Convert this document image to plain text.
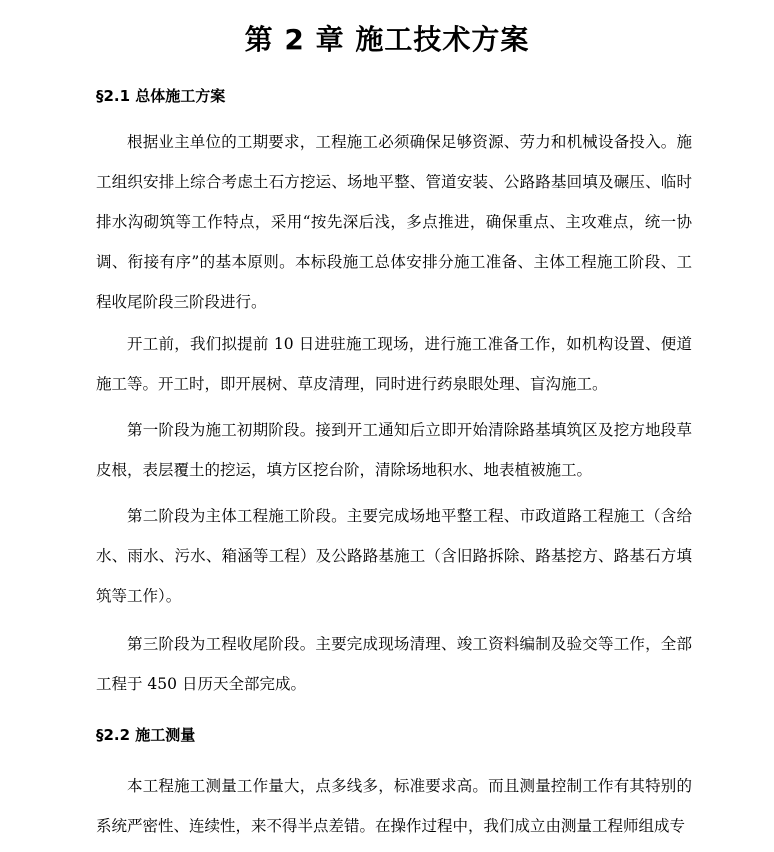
第 2 章 施工技术方案
§2.1 总体施工方案

根据业主单位的工期要求，工程施工必须确保足够资源、劳力和机械设备投入。施工组织安排上综合考虑土石方挖运、场地平整、管道安装、公路路基回填及碾压、临时排水沟砌筑等工作特点，采用“按先深后浅，多点推进，确保重点、主攻难点，统一协调、衔接有序”的基本原则。本标段施工总体安排分施工准备、主体工程施工阶段、工程收尾阶段三阶段进行。

开工前，我们拟提前 10 日进驻施工现场，进行施工准备工作，如机构设置、便道施工等。开工时，即开展树、草皮清理，同时进行药泉眼处理、盲沟施工。

第一阶段为施工初期阶段。接到开工通知后立即开始清除路基填筑区及挖方地段草皮根，表层覆土的挖运，填方区挖台阶，清除场地积水、地表植被施工。

第二阶段为主体工程施工阶段。主要完成场地平整工程、市政道路工程施工（含给水、雨水、污水、箱涵等工程）及公路路基施工（含旧路拆除、路基挖方、路基石方填筑等工作）。

第三阶段为工程收尾阶段。主要完成现场清理、竣工资料编制及验交等工作，全部工程于 450 日历天全部完成。

§2.2 施工测量

本工程施工测量工作量大，点多线多，标准要求高。而且测量控制工作有其特别的系统严密性、连续性，来不得半点差错。在操作过程中，我们成立由测量工程师组成专
